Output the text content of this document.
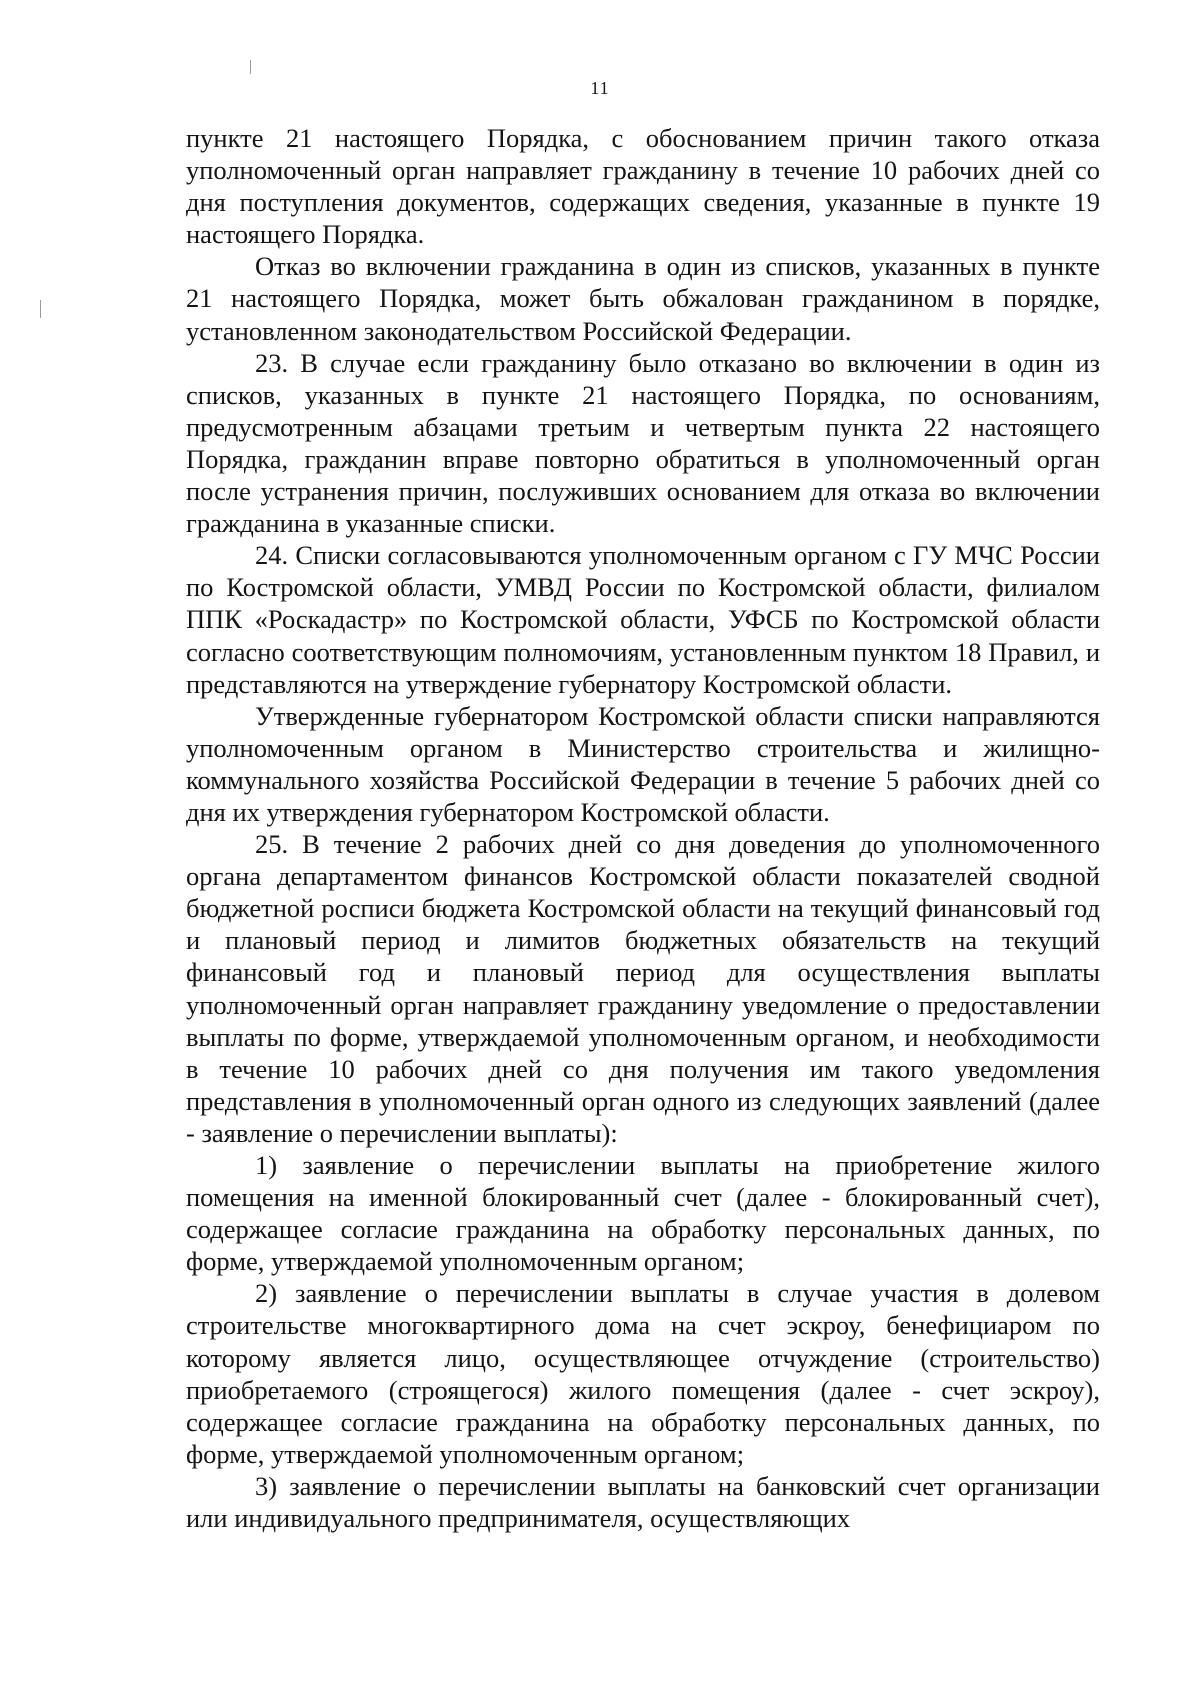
11

пункте 21 настоящего Порядка, с обоснованием причин такого отказа уполномоченный орган направляет гражданину в течение 10 рабочих дней со дня поступления документов, содержащих сведения, указанные в пункте 19 настоящего Порядка.

Отказ во включении гражданина в один из списков, указанных в пункте 21 настоящего Порядка, может быть обжалован гражданином в порядке, установленном законодательством Российской Федерации.

23. В случае если гражданину было отказано во включении в один из списков, указанных в пункте 21 настоящего Порядка, по основаниям, предусмотренным абзацами третьим и четвертым пункта 22 настоящего Порядка, гражданин вправе повторно обратиться в уполномоченный орган после устранения причин, послуживших основанием для отказа во включении гражданина в указанные списки.

24. Списки согласовываются уполномоченным органом с ГУ МЧС России по Костромской области, УМВД России по Костромской области, филиалом ППК «Роскадастр» по Костромской области, УФСБ по Костромской области согласно соответствующим полномочиям, установленным пунктом 18 Правил, и представляются на утверждение губернатору Костромской области.

Утвержденные губернатором Костромской области списки направляются уполномоченным органом в Министерство строительства и жилищно-коммунального хозяйства Российской Федерации в течение 5 рабочих дней со дня их утверждения губернатором Костромской области.

25. В течение 2 рабочих дней со дня доведения до уполномоченного органа департаментом финансов Костромской области показателей сводной бюджетной росписи бюджета Костромской области на текущий финансовый год и плановый период и лимитов бюджетных обязательств на текущий финансовый год и плановый период для осуществления выплаты уполномоченный орган направляет гражданину уведомление о предоставлении выплаты по форме, утверждаемой уполномоченным органом, и необходимости в течение 10 рабочих дней со дня получения им такого уведомления представления в уполномоченный орган одного из следующих заявлений (далее - заявление о перечислении выплаты):

1) заявление о перечислении выплаты на приобретение жилого помещения на именной блокированный счет (далее - блокированный счет), содержащее согласие гражданина на обработку персональных данных, по форме, утверждаемой уполномоченным органом;

2) заявление о перечислении выплаты в случае участия в долевом строительстве многоквартирного дома на счет эскроу, бенефициаром по которому является лицо, осуществляющее отчуждение (строительство) приобретаемого (строящегося) жилого помещения (далее - счет эскроу), содержащее согласие гражданина на обработку персональных данных, по форме, утверждаемой уполномоченным органом;

3) заявление о перечислении выплаты на банковский счет организации или индивидуального предпринимателя, осуществляющих
